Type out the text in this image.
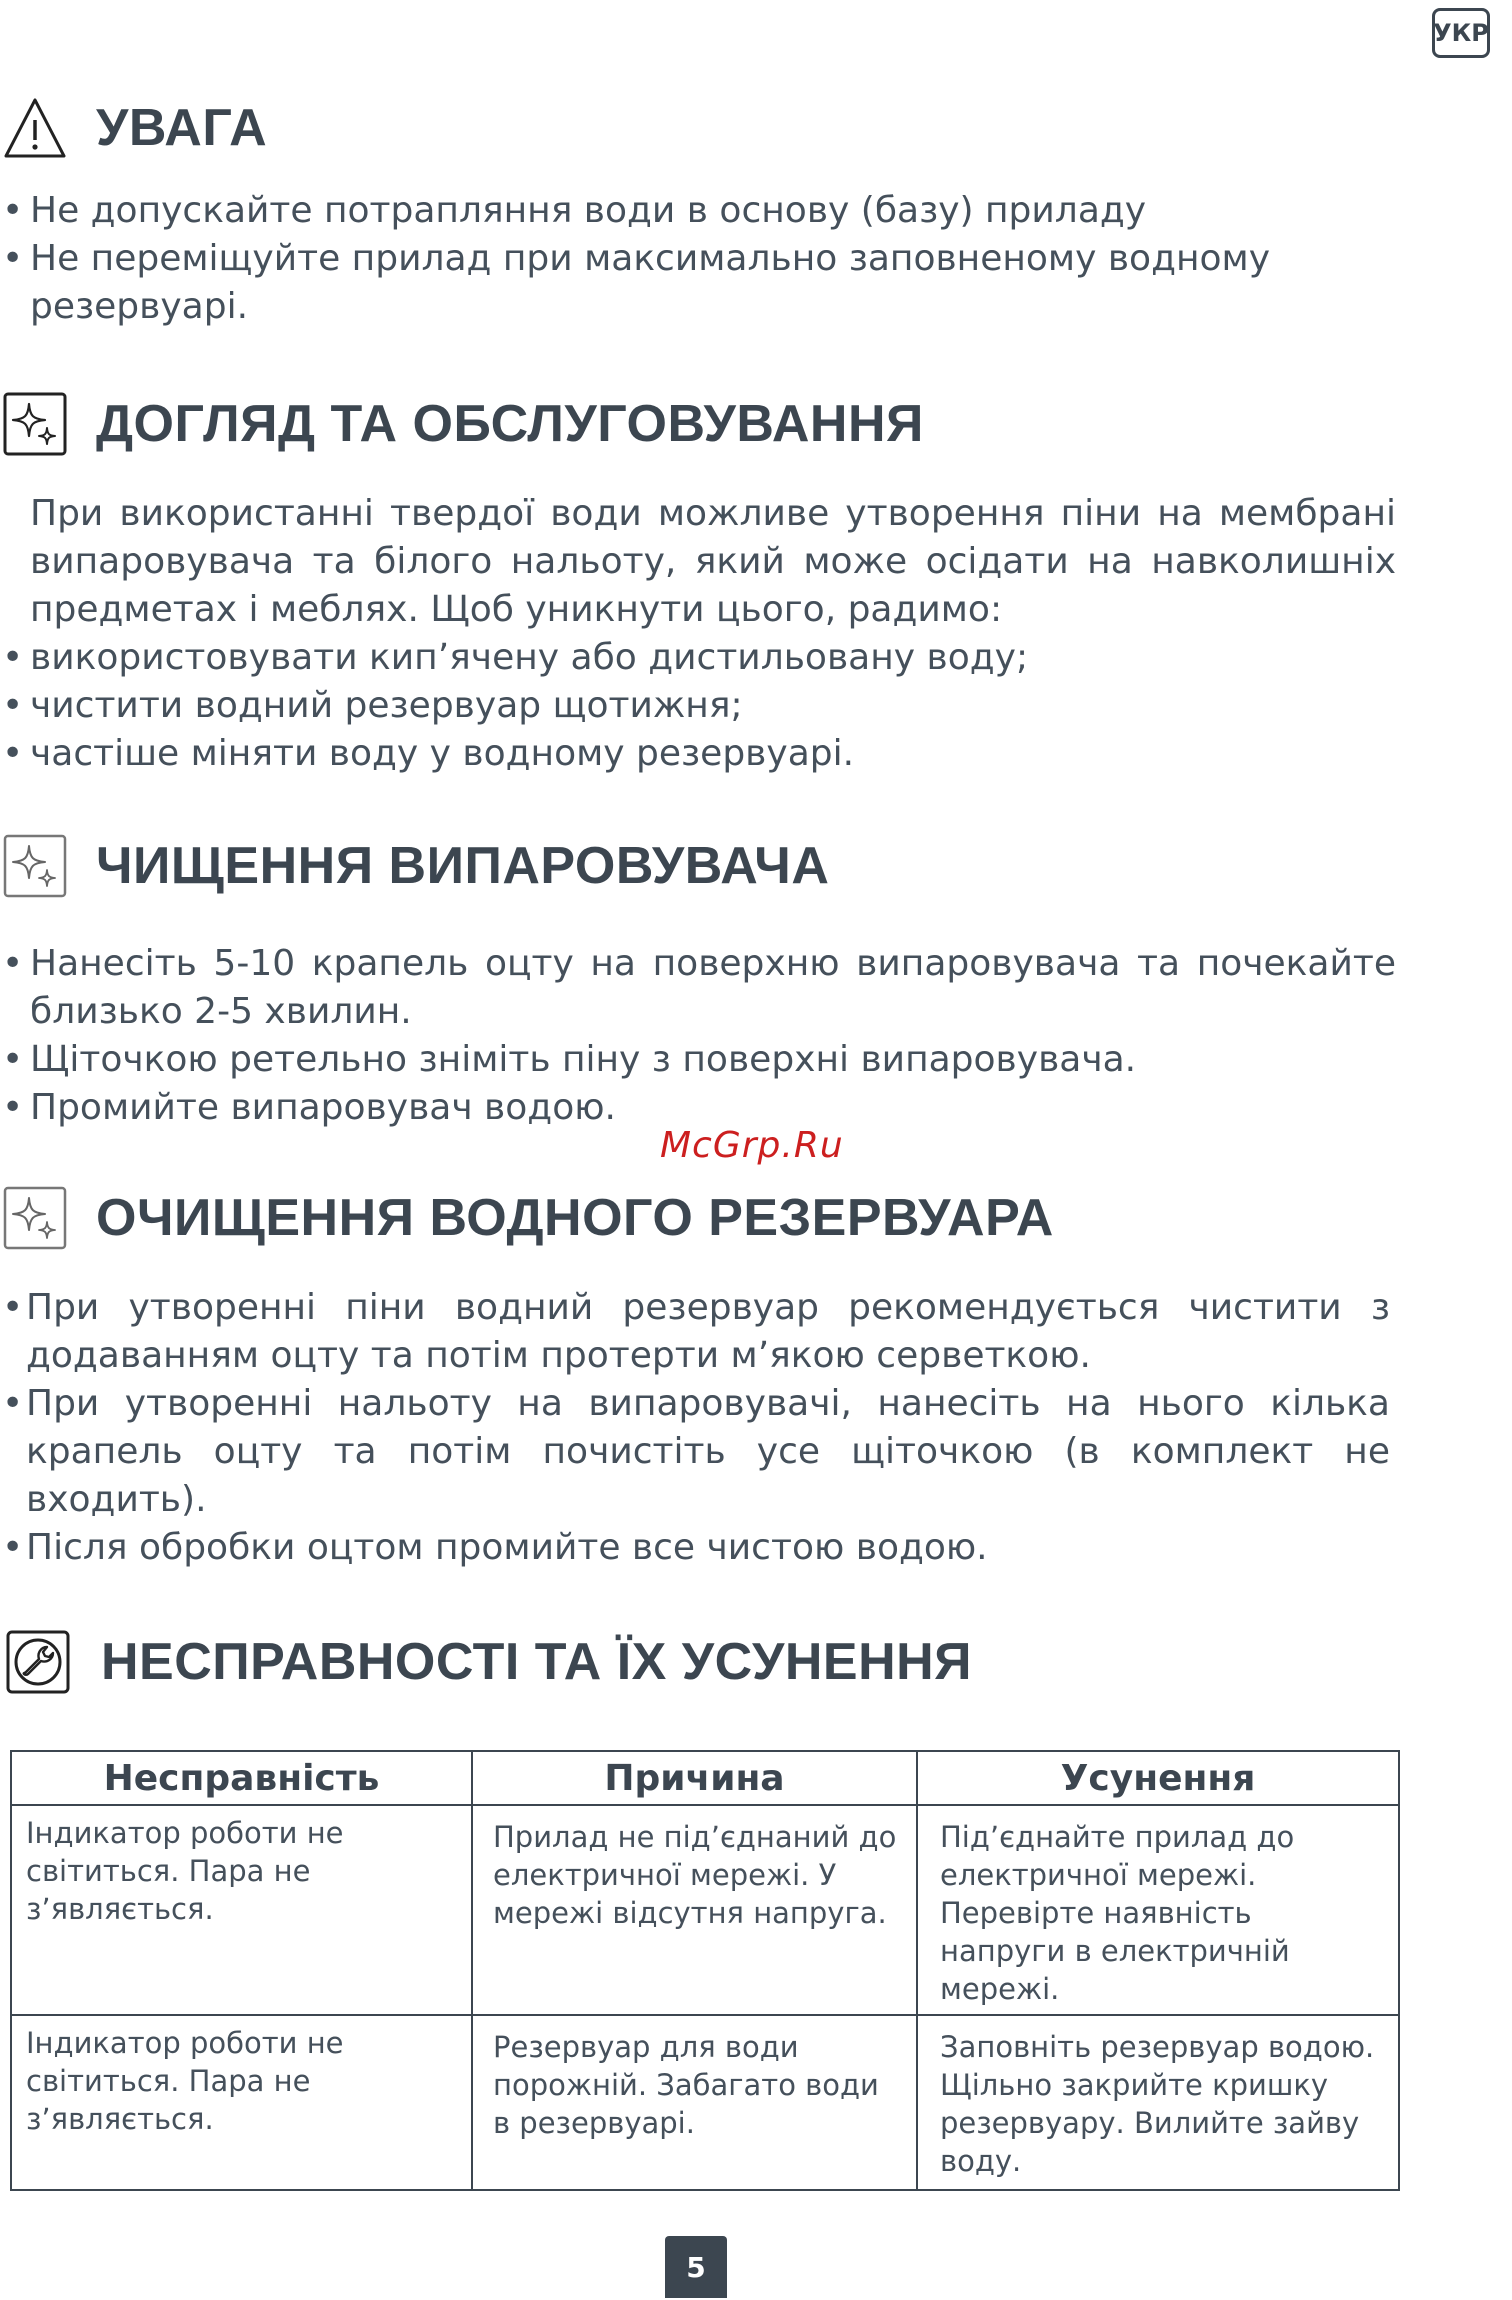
УКР
УВАГА
• Не допускайте потрапляння води в основу (базу) приладу
• Не переміщуйте прилад при максимально заповненому водному резервуарі.
ДОГЛЯД ТА ОБСЛУГОВУВАННЯ
При використанні твердої води можливе утворення піни на мембрані випаровувача та білого нальоту, який може осідати на навколишніх предметах і меблях. Щоб уникнути цього, радимо:
• використовувати кип’ячену або дистильовану воду;
• чистити водний резервуар щотижня;
• частіше міняти воду у водному резервуарі.
ЧИЩЕННЯ ВИПАРОВУВАЧА
• Нанесіть 5-10 крапель оцту на поверхню випаровувача та почекайте близько 2-5 хвилин.
• Щіточкою ретельно зніміть піну з поверхні випаровувача.
• Промийте випаровувач водою.
McGrp.Ru
ОЧИЩЕННЯ ВОДНОГО РЕЗЕРВУАРА
• При утворенні піни водний резервуар рекомендується чистити з додаванням оцту та потім протерти м’якою серветкою.
• При утворенні нальоту на випаровувачі, нанесіть на нього кілька крапель оцту та потім почистіть усе щіточкою (в комплект не входить).
• Після обробки оцтом промийте все чистою водою.
НЕСПРАВНОСТІ ТА ЇХ УСУНЕННЯ
Несправність	Причина	Усунення
Індикатор роботи не світиться. Пара не з’являється.	Прилад не під’єднаний до електричної мережі. У мережі відсутня напруга.	Під’єднайте прилад до електричної мережі. Перевірте наявність напруги в електричній мережі.
Індикатор роботи не світиться. Пара не з’являється.	Резервуар для води порожній. Забагато води в резервуарі.	Заповніть резервуар водою. Щільно закрийте кришку резервуару. Вилийте зайву воду.
5
